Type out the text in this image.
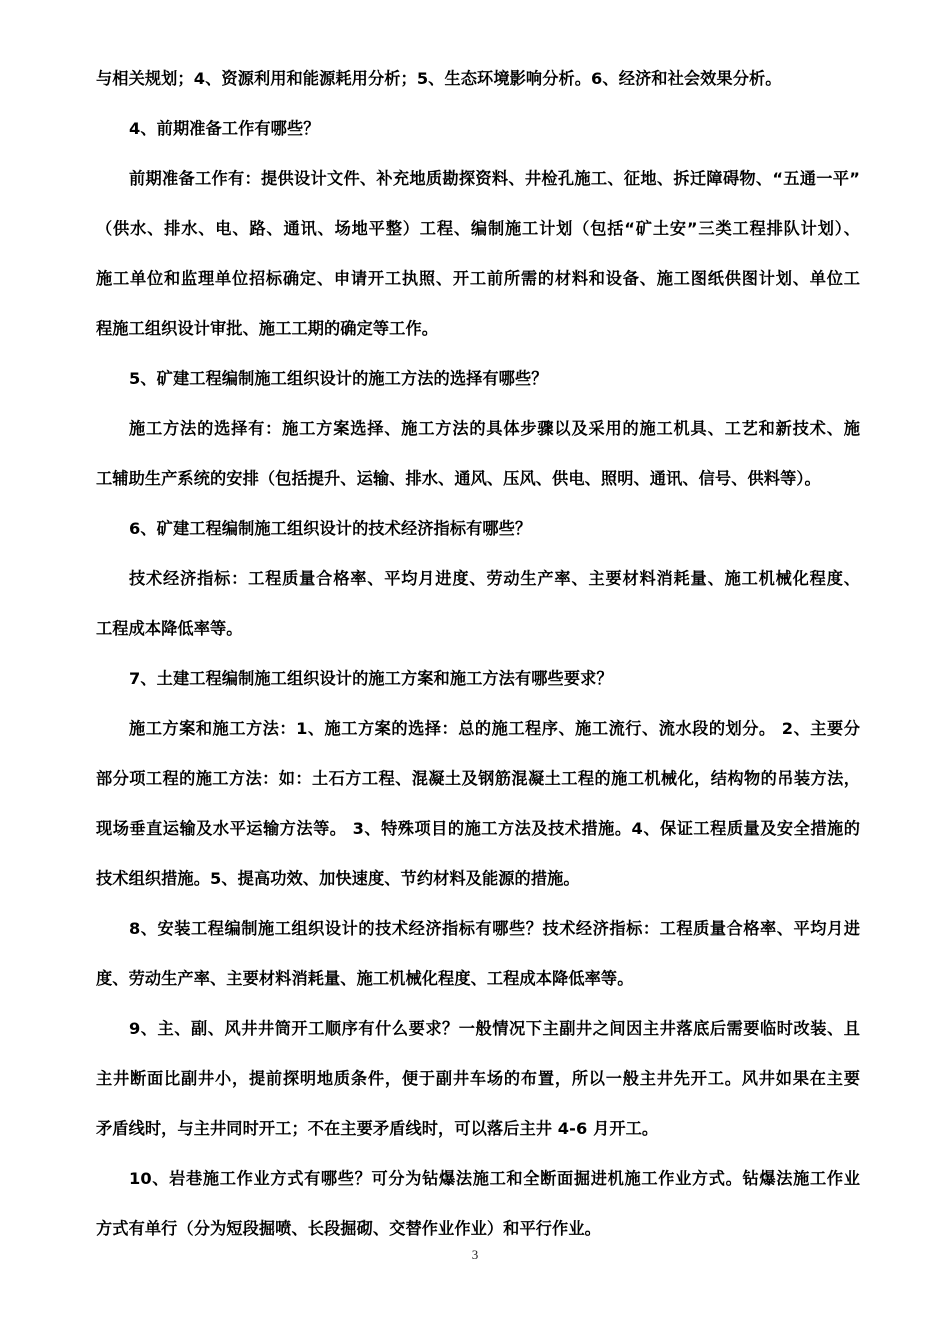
与相关规划；4、资源利用和能源耗用分析；5、生态环境影响分析。6、经济和社会效果分析。
4、前期准备工作有哪些？
前期准备工作有：提供设计文件、补充地质勘探资料、井检孔施工、征地、拆迁障碍物、“五通一平”
（供水、排水、电、路、通讯、场地平整）工程、编制施工计划（包括“矿土安”三类工程排队计划）、
施工单位和监理单位招标确定、申请开工执照、开工前所需的材料和设备、施工图纸供图计划、单位工
程施工组织设计审批、施工工期的确定等工作。
5、矿建工程编制施工组织设计的施工方法的选择有哪些？
施工方法的选择有：施工方案选择、施工方法的具体步骤以及采用的施工机具、工艺和新技术、施
工辅助生产系统的安排（包括提升、运输、排水、通风、压风、供电、照明、通讯、信号、供料等）。
6、矿建工程编制施工组织设计的技术经济指标有哪些？
技术经济指标：工程质量合格率、平均月进度、劳动生产率、主要材料消耗量、施工机械化程度、
工程成本降低率等。
7、土建工程编制施工组织设计的施工方案和施工方法有哪些要求？
施工方案和施工方法：1、施工方案的选择：总的施工程序、施工流行、流水段的划分。 2、主要分
部分项工程的施工方法：如：土石方工程、混凝土及钢筋混凝土工程的施工机械化，结构物的吊装方法，
现场垂直运输及水平运输方法等。 3、特殊项目的施工方法及技术措施。4、保证工程质量及安全措施的
技术组织措施。5、提高功效、加快速度、节约材料及能源的措施。
8、安装工程编制施工组织设计的技术经济指标有哪些？技术经济指标：工程质量合格率、平均月进
度、劳动生产率、主要材料消耗量、施工机械化程度、工程成本降低率等。
9、主、副、风井井筒开工顺序有什么要求？一般情况下主副井之间因主井落底后需要临时改装、且
主井断面比副井小，提前探明地质条件，便于副井车场的布置，所以一般主井先开工。风井如果在主要
矛盾线时，与主井同时开工；不在主要矛盾线时，可以落后主井 4-6 月开工。
10、岩巷施工作业方式有哪些？可分为钻爆法施工和全断面掘进机施工作业方式。钻爆法施工作业
方式有单行（分为短段掘喷、长段掘砌、交替作业作业）和平行作业。
3
